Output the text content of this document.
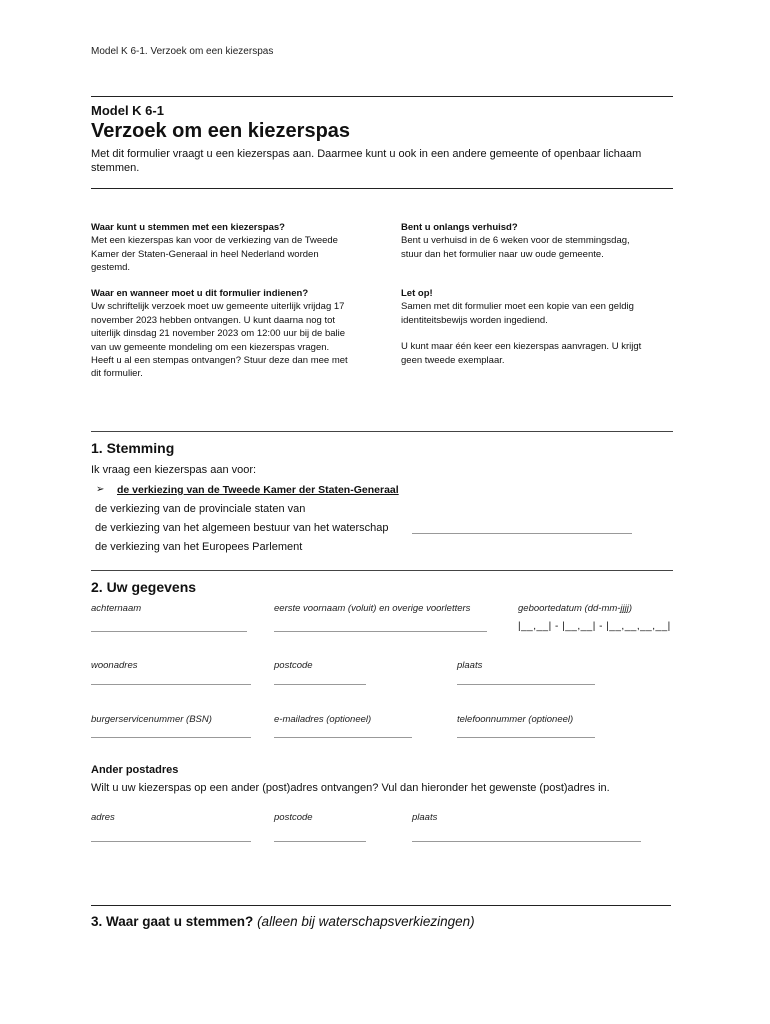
Model K 6-1. Verzoek om een kiezerspas
Model K 6-1
Verzoek om een kiezerspas
Met dit formulier vraagt u een kiezerspas aan. Daarmee kunt u ook in een andere gemeente of openbaar lichaam stemmen.
Waar kunt u stemmen met een kiezerspas?
Met een kiezerspas kan voor de verkiezing van de Tweede Kamer der Staten-Generaal in heel Nederland worden gestemd.
Waar en wanneer moet u dit formulier indienen?
Uw schriftelijk verzoek moet uw gemeente uiterlijk vrijdag 17 november 2023 hebben ontvangen. U kunt daarna nog tot uiterlijk dinsdag 21 november 2023 om 12:00 uur bij de balie van uw gemeente mondeling om een kiezerspas vragen.
Heeft u al een stempas ontvangen? Stuur deze dan mee met dit formulier.
Bent u onlangs verhuisd?
Bent u verhuisd in de 6 weken voor de stemmingsdag, stuur dan het formulier naar uw oude gemeente.
Let op!
Samen met dit formulier moet een kopie van een geldig identiteitsbewijs worden ingediend.
U kunt maar één keer een kiezerspas aanvragen. U krijgt geen tweede exemplaar.
1. Stemming
Ik vraag een kiezerspas aan voor:
➢ de verkiezing van de Tweede Kamer der Staten-Generaal
de verkiezing van de provinciale staten van
de verkiezing van het algemeen bestuur van het waterschap
de verkiezing van het Europees Parlement
2. Uw gegevens
achternaam	eerste voornaam (voluit) en overige voorletters	geboortedatum (dd-mm-jjjj)
|__,__| - |__,__| - |__,__,__,__|
woonadres	postcode	plaats
burgerservicenummer (BSN)	e-mailadres (optioneel)	telefoonnummer (optioneel)
Ander postadres
Wilt u uw kiezerspas op een ander (post)adres ontvangen? Vul dan hieronder het gewenste (post)adres in.
adres	postcode	plaats
3. Waar gaat u stemmen? (alleen bij waterschapsverkiezingen)
